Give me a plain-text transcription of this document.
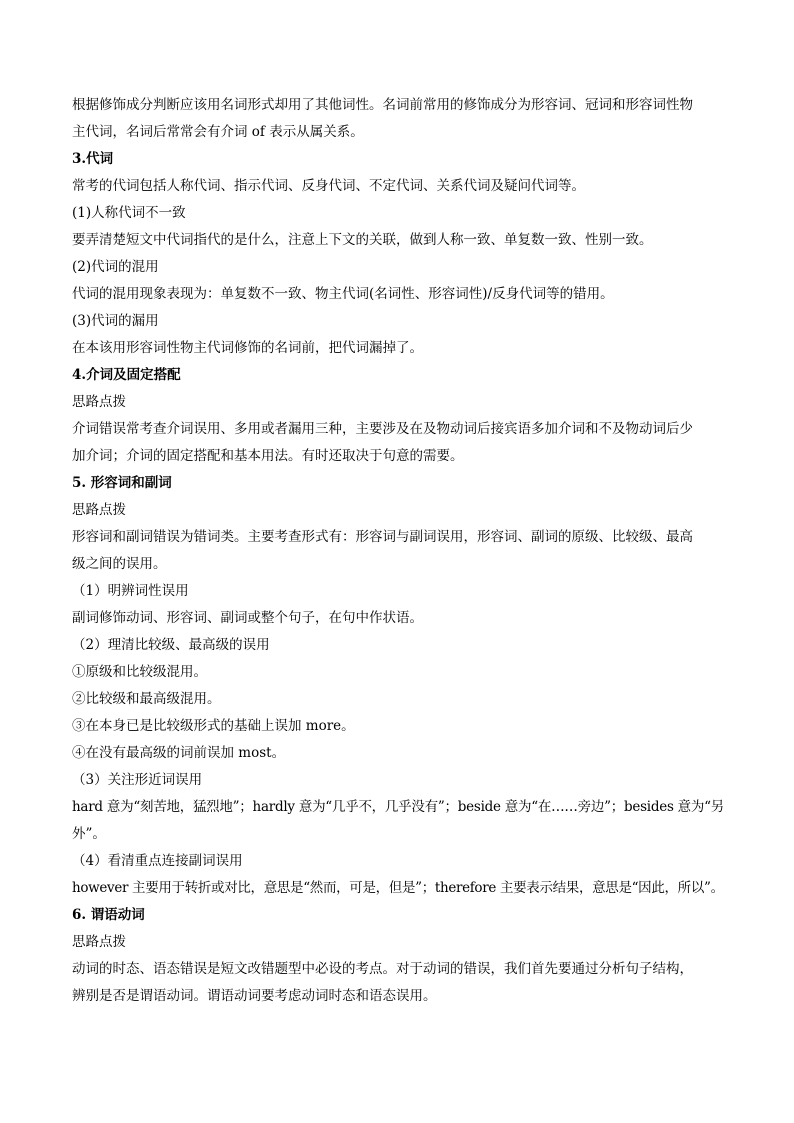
根据修饰成分判断应该用名词形式却用了其他词性。名词前常用的修饰成分为形容词、冠词和形容词性物
主代词，名词后常常会有介词 of 表示从属关系。
3.代词
常考的代词包括人称代词、指示代词、反身代词、不定代词、关系代词及疑问代词等。
(1)人称代词不一致
要弄清楚短文中代词指代的是什么，注意上下文的关联，做到人称一致、单复数一致、性别一致。
(2)代词的混用
代词的混用现象表现为：单复数不一致、物主代词(名词性、形容词性)/反身代词等的错用。
(3)代词的漏用
在本该用形容词性物主代词修饰的名词前，把代词漏掉了。
4.介词及固定搭配
思路点拨
介词错误常考查介词误用、多用或者漏用三种，主要涉及在及物动词后接宾语多加介词和不及物动词后少
加介词；介词的固定搭配和基本用法。有时还取决于句意的需要。
5. 形容词和副词
思路点拨
形容词和副词错误为错词类。主要考查形式有：形容词与副词误用，形容词、副词的原级、比较级、最高
级之间的误用。
（1）明辨词性误用
副词修饰动词、形容词、副词或整个句子，在句中作状语。
（2）理清比较级、最高级的误用
①原级和比较级混用。
②比较级和最高级混用。
③在本身已是比较级形式的基础上误加 more。
④在没有最高级的词前误加 most。
（3）关注形近词误用
hard 意为“刻苦地，猛烈地”；hardly 意为“几乎不，几乎没有”；beside 意为“在……旁边”；besides 意为“另
外”。
（4）看清重点连接副词误用
however 主要用于转折或对比，意思是“然而，可是，但是”；therefore 主要表示结果，意思是“因此，所以”。
6. 谓语动词
思路点拨
动词的时态、语态错误是短文改错题型中必设的考点。对于动词的错误，我们首先要通过分析句子结构，
辨别是否是谓语动词。谓语动词要考虑动词时态和语态误用。
